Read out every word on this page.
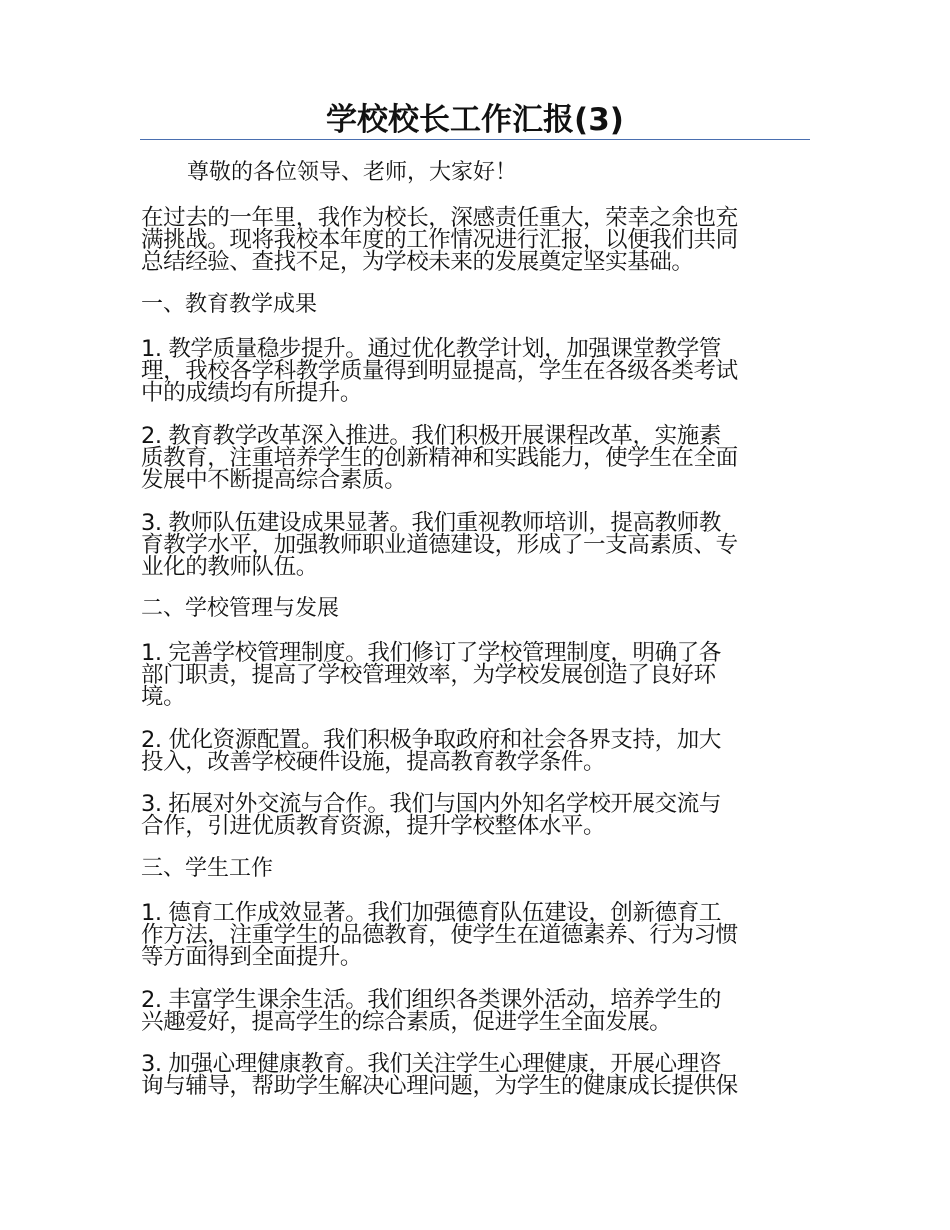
学校校长工作汇报(3)
尊敬的各位领导、老师，大家好！
在过去的一年里，我作为校长，深感责任重大，荣幸之余也充
满挑战。现将我校本年度的工作情况进行汇报，以便我们共同
总结经验、查找不足，为学校未来的发展奠定坚实基础。
一、教育教学成果
1. 教学质量稳步提升。通过优化教学计划，加强课堂教学管
理，我校各学科教学质量得到明显提高，学生在各级各类考试
中的成绩均有所提升。
2. 教育教学改革深入推进。我们积极开展课程改革，实施素
质教育，注重培养学生的创新精神和实践能力，使学生在全面
发展中不断提高综合素质。
3. 教师队伍建设成果显著。我们重视教师培训，提高教师教
育教学水平，加强教师职业道德建设，形成了一支高素质、专
业化的教师队伍。
二、学校管理与发展
1. 完善学校管理制度。我们修订了学校管理制度，明确了各
部门职责，提高了学校管理效率，为学校发展创造了良好环
境。
2. 优化资源配置。我们积极争取政府和社会各界支持，加大
投入，改善学校硬件设施，提高教育教学条件。
3. 拓展对外交流与合作。我们与国内外知名学校开展交流与
合作，引进优质教育资源，提升学校整体水平。
三、学生工作
1. 德育工作成效显著。我们加强德育队伍建设，创新德育工
作方法，注重学生的品德教育，使学生在道德素养、行为习惯
等方面得到全面提升。
2. 丰富学生课余生活。我们组织各类课外活动，培养学生的
兴趣爱好，提高学生的综合素质，促进学生全面发展。
3. 加强心理健康教育。我们关注学生心理健康，开展心理咨
询与辅导，帮助学生解决心理问题，为学生的健康成长提供保
